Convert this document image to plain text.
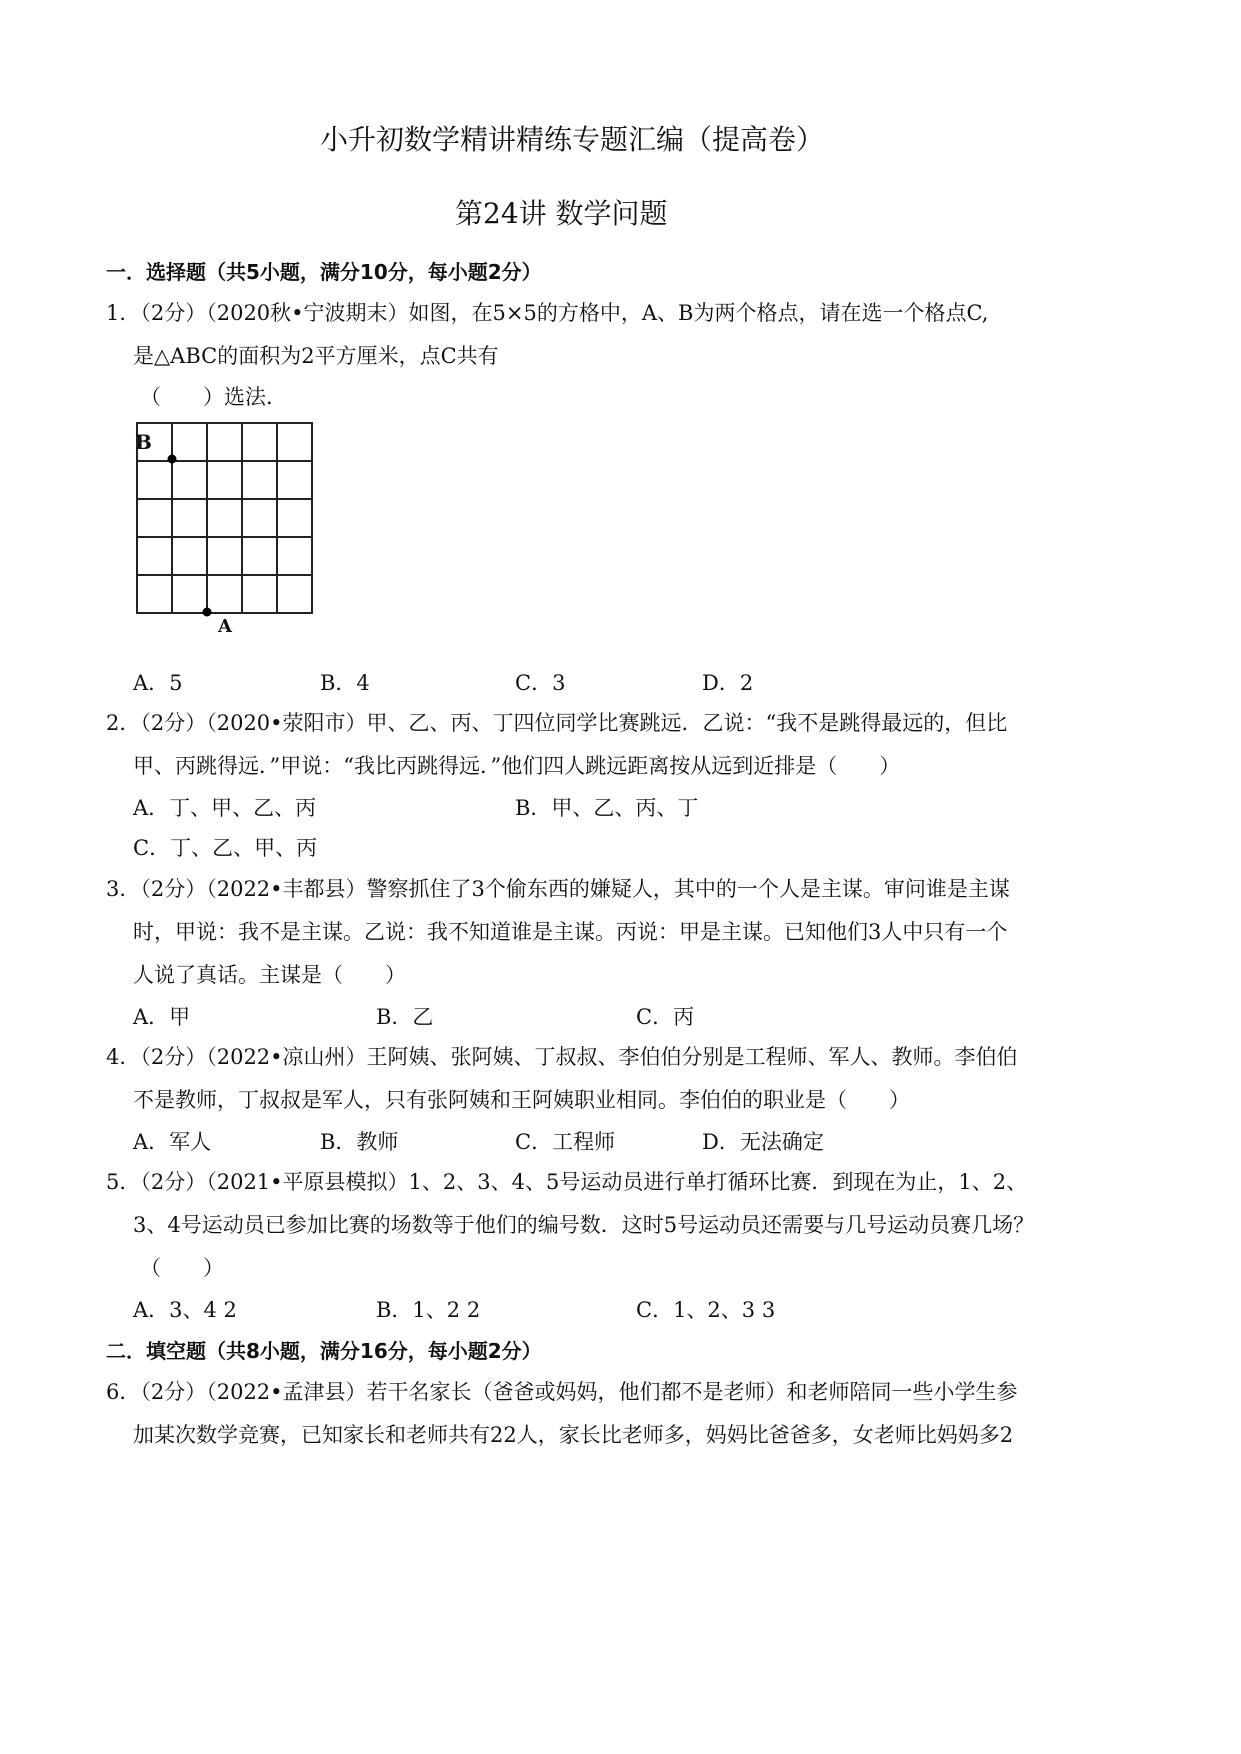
小升初数学精讲精练专题汇编（提高卷）
第24讲 数学问题
一．选择题（共5小题，满分10分，每小题2分）
1．（2分）（2020秋•宁波期末）如图，在5×5的方格中，A、B为两个格点，请在选一个格点C,
是△ABC的面积为2平方厘米，点C共有
（　　）选法．
B
A
A．5	B．4	C．3	D．2
2．（2分）（2020•荥阳市）甲、乙、丙、丁四位同学比赛跳远．乙说：“我不是跳得最远的，但比
甲、丙跳得远．”甲说：“我比丙跳得远．”他们四人跳远距离按从远到近排是（　　）
A．丁、甲、乙、丙	B．甲、乙、丙、丁
C．丁、乙、甲、丙
3．（2分）（2022•丰都县）警察抓住了3个偷东西的嫌疑人，其中的一个人是主谋。审问谁是主谋
时，甲说：我不是主谋。乙说：我不知道谁是主谋。丙说：甲是主谋。已知他们3人中只有一个
人说了真话。主谋是（　　）
A．甲	B．乙	C．丙
4．（2分）（2022•凉山州）王阿姨、张阿姨、丁叔叔、李伯伯分别是工程师、军人、教师。李伯伯
不是教师，丁叔叔是军人，只有张阿姨和王阿姨职业相同。李伯伯的职业是（　　）
A．军人	B．教师	C．工程师	D．无法确定
5．（2分）（2021•平原县模拟）1、2、3、4、5号运动员进行单打循环比赛．到现在为止，1、2、
3、4号运动员已参加比赛的场数等于他们的编号数．这时5号运动员还需要与几号运动员赛几场？
（　　）
A．3、4 2	B．1、2 2	C．1、2、3 3
二．填空题（共8小题，满分16分，每小题2分）
6．（2分）（2022•孟津县）若干名家长（爸爸或妈妈，他们都不是老师）和老师陪同一些小学生参
加某次数学竞赛，已知家长和老师共有22人，家长比老师多，妈妈比爸爸多，女老师比妈妈多2
